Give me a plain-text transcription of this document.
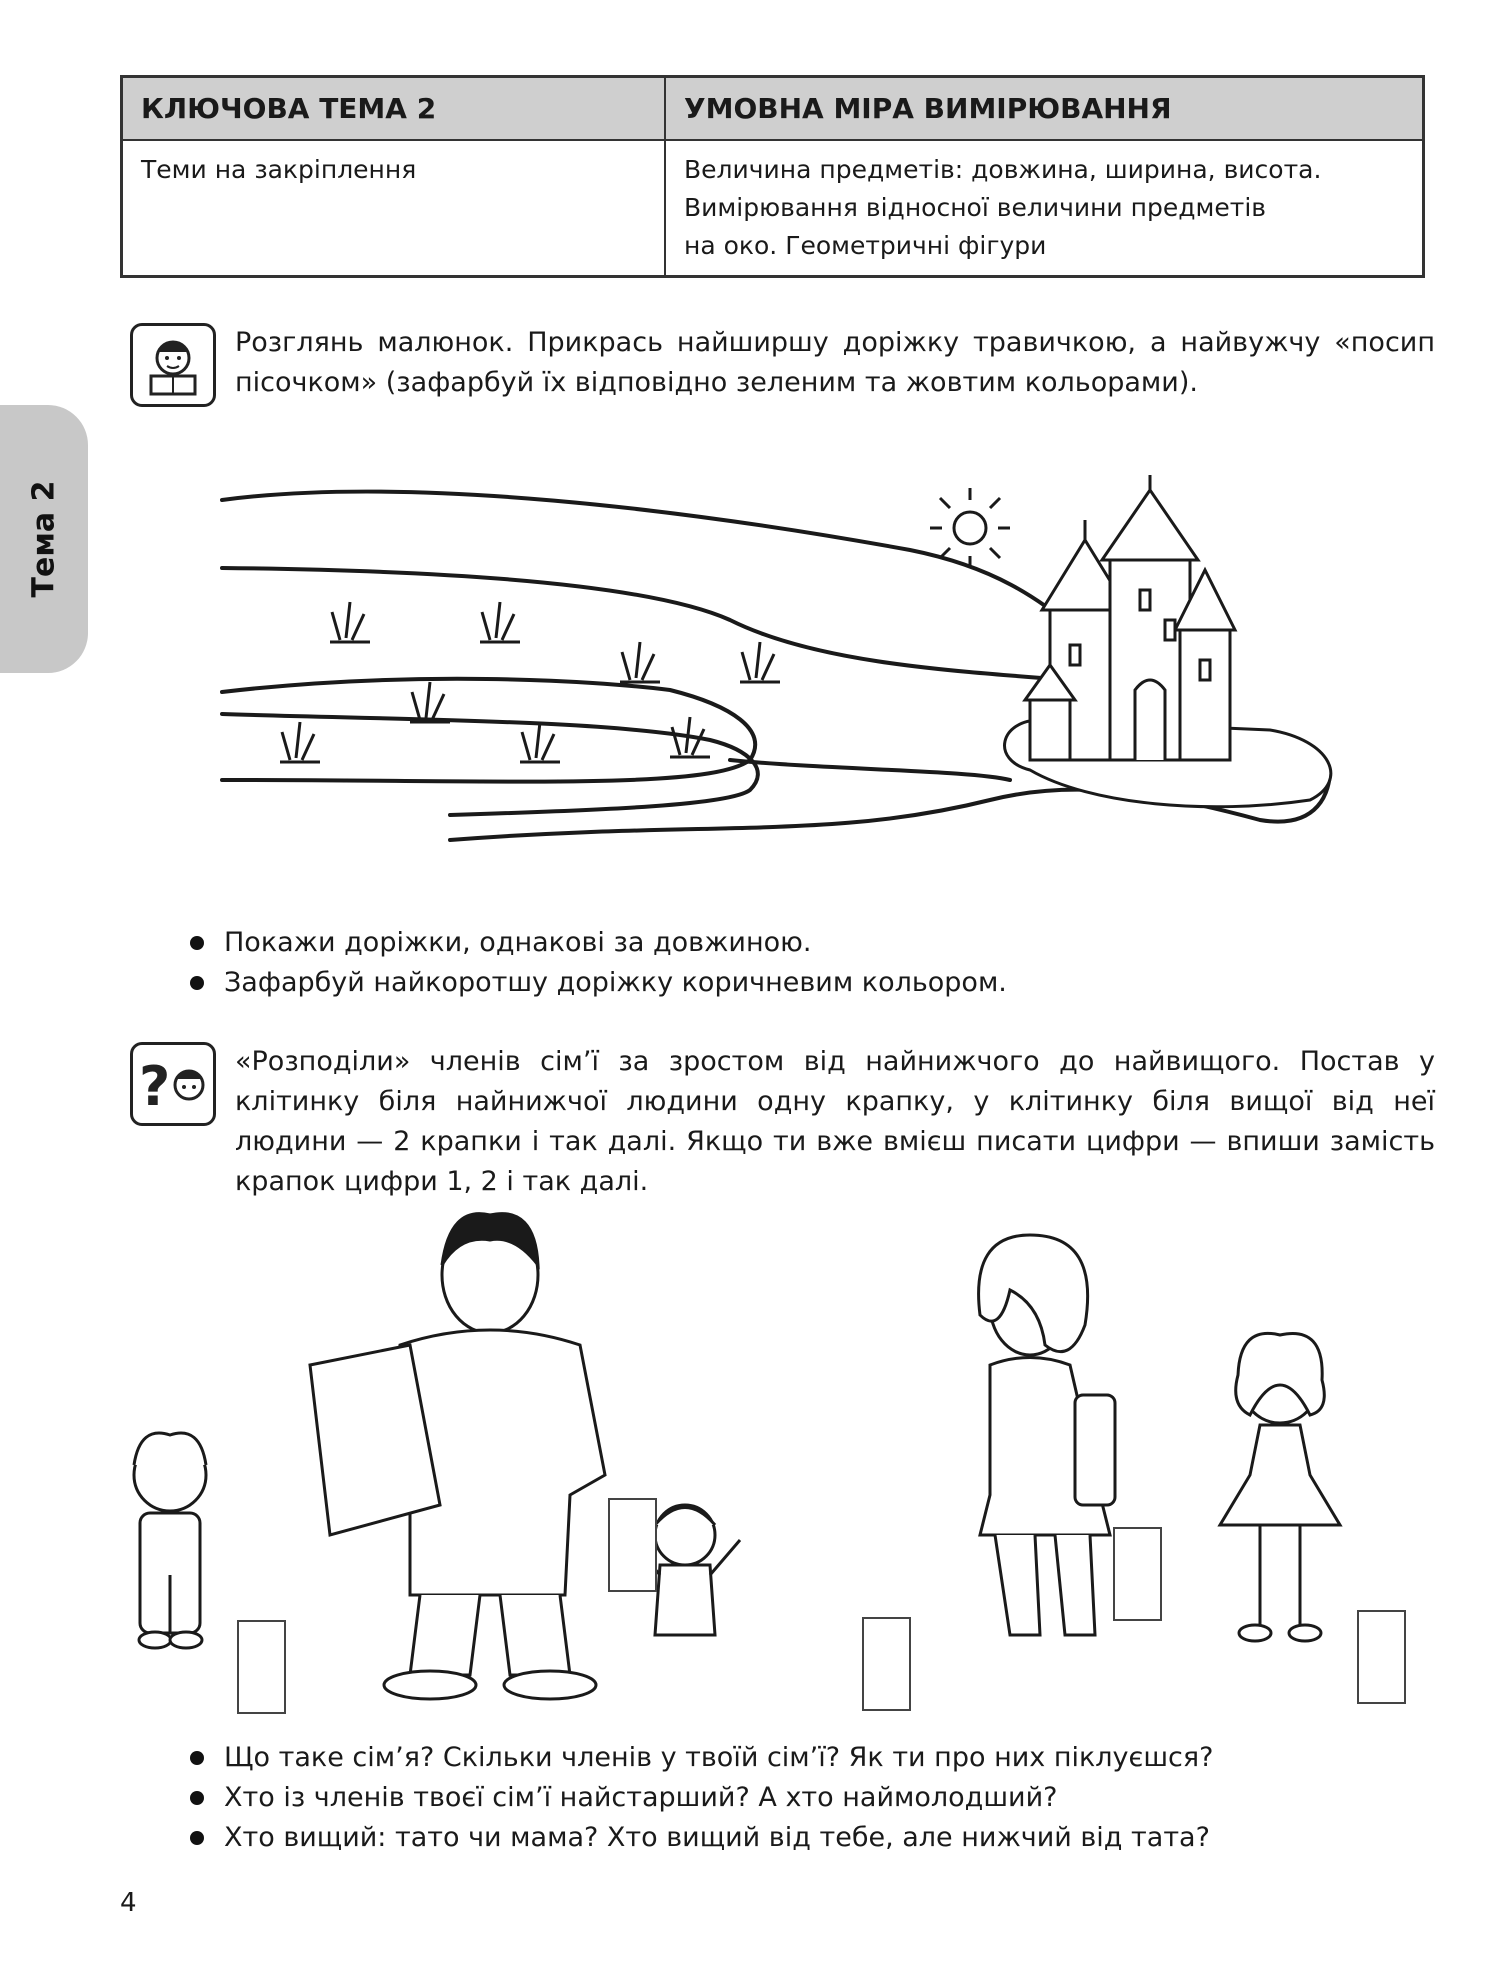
Тема 2
КЛЮЧОВА ТЕМА 2	УМОВНА МІРА ВИМІРЮВАННЯ
Теми на закріплення	Величина предметів: довжина, ширина, висота.
Вимірювання відносної величини предметів
на око. Геометричні фігури
Розглянь малюнок. Прикрась найширшу доріжку травичкою, а найвужчу «посип пісочком» (зафарбуй їх відповідно зеленим та жовтим кольорами).
Покажи доріжки, однакові за довжиною.
Зафарбуй найкоротшу доріжку коричневим кольором.
? «Розподіли» членів сім’ї за зростом від найнижчого до найвищого. Постав у клітинку біля найнижчої людини одну крапку, у клітинку біля вищої від неї людини — 2 крапки і так далі. Якщо ти вже вмієш писати цифри — впиши замість крапок цифри 1, 2 і так далі.
Що таке сім’я? Скільки членів у твоїй сім’ї? Як ти про них піклуєшся?
Хто із членів твоєї сім’ї найстарший? А хто наймолодший?
Хто вищий: тато чи мама? Хто вищий від тебе, але нижчий від тата?
4
